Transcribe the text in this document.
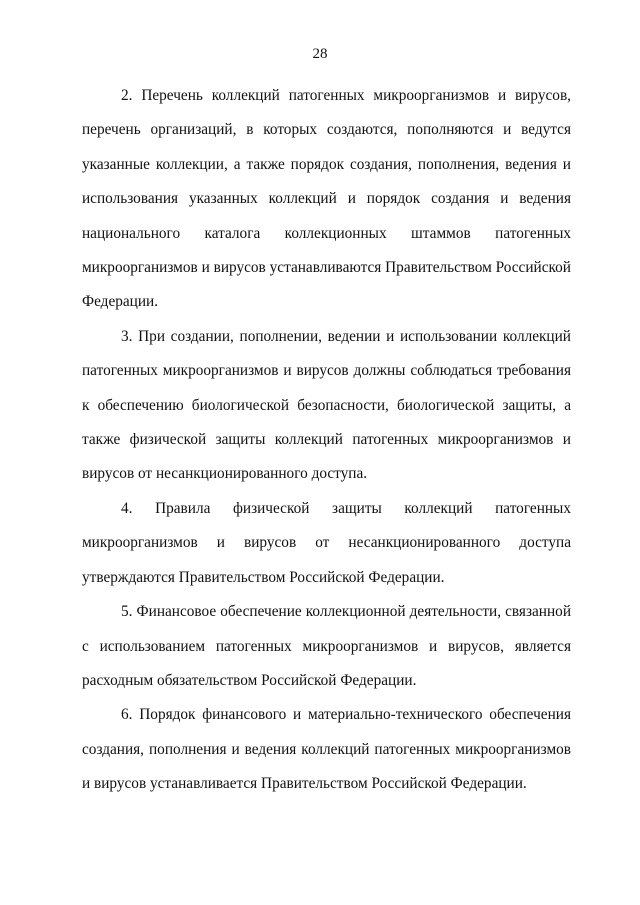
28

2. Перечень коллекций патогенных микроорганизмов и вирусов, перечень организаций, в которых создаются, пополняются и ведутся указанные коллекции, а также порядок создания, пополнения, ведения и использования указанных коллекций и порядок создания и ведения национального каталога коллекционных штаммов патогенных микроорганизмов и вирусов устанавливаются Правительством Российской Федерации.

3. При создании, пополнении, ведении и использовании коллекций патогенных микроорганизмов и вирусов должны соблюдаться требования к обеспечению биологической безопасности, биологической защиты, а также физической защиты коллекций патогенных микроорганизмов и вирусов от несанкционированного доступа.

4. Правила физической защиты коллекций патогенных микроорганизмов и вирусов от несанкционированного доступа утверждаются Правительством Российской Федерации.

5. Финансовое обеспечение коллекционной деятельности, связанной с использованием патогенных микроорганизмов и вирусов, является расходным обязательством Российской Федерации.

6. Порядок финансового и материально-технического обеспечения создания, пополнения и ведения коллекций патогенных микроорганизмов и вирусов устанавливается Правительством Российской Федерации.
